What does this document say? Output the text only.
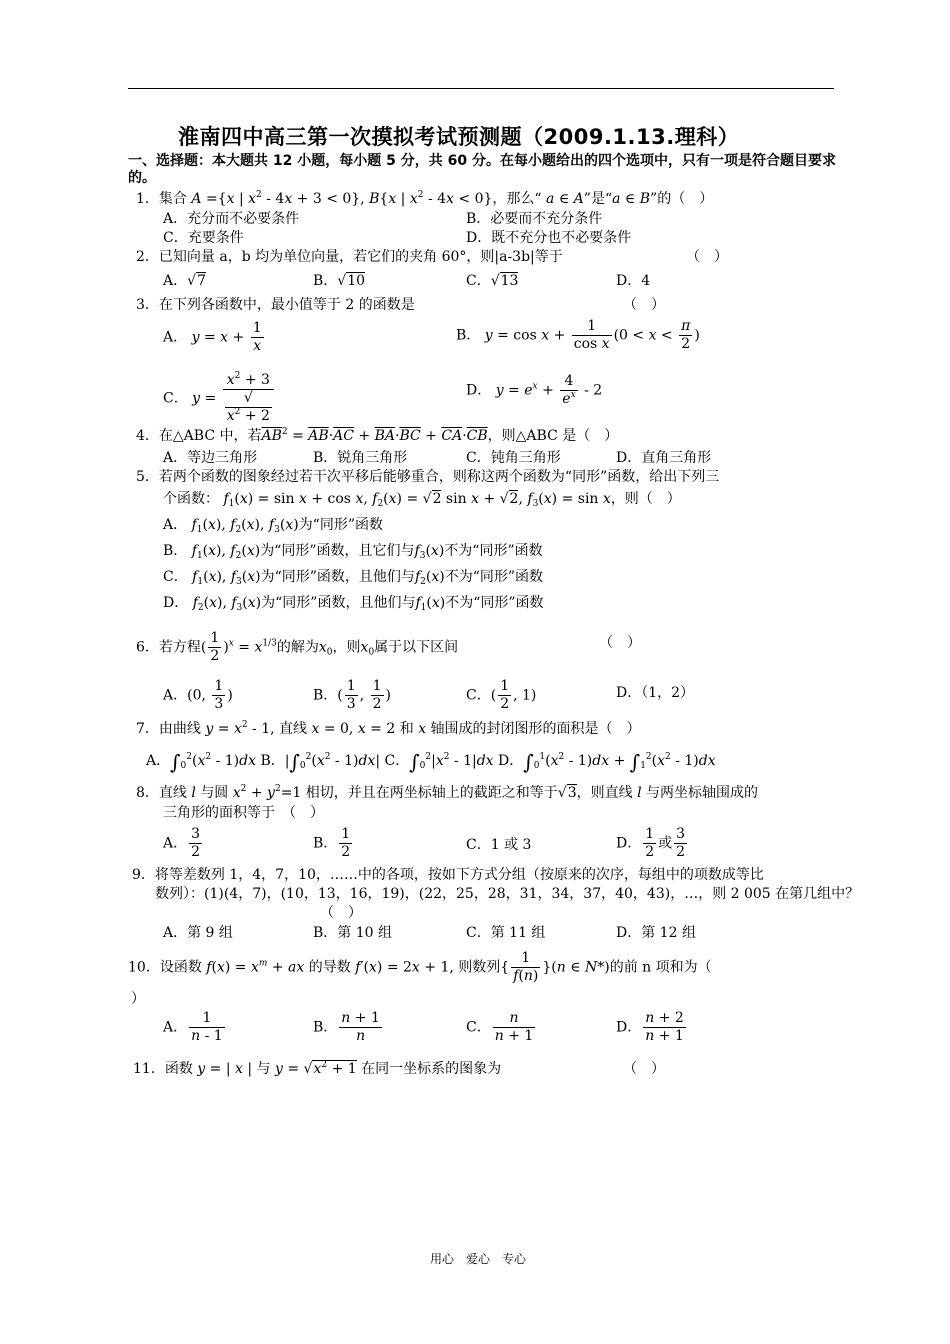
淮南四中高三第一次摸拟考试预测题（2009.1.13.理科）
一、选择题：本大题共 12 小题，每小题 5 分，共 60 分。在每小题给出的四个选项中，只有一项是符合题目要求的。
1．集合 A ={x | $x^2 - 4x + 3 < 0$}, B{x | $x^2 - 4x < 0$}，那么“ a ∈ A”是“a ∈ B”的（　）
A．充分而不必要条件	B．必要而不充分条件
C．充要条件	D．既不充分也不必要条件
2．已知向量 a，b 均为单位向量，若它们的夹角 60°，则|a-3b|等于	（　）
A．√7	B．√10	C．√13	D．4
3．在下列各函数中，最小值等于 2 的函数是	（　）
A． $y = x + \frac{1}{x}$	B． $y = \cos x + \frac{1}{\text{cos x}} (0 < x < \frac{\pi}{2}$ )
C． $y = x^2 + 3$
√
$x^2 + 2$	D． $y = e^x + \frac{4}{e^x} - 2$
4．在△ABC 中，若$\overline{AB}^2 = \overline{AB}\cdot\overline{AC} + \overline{BA}\cdot\overline{BC} + \overline{CA}\cdot\overline{CB}$，则△ABC 是（　）
A．等边三角形	B．锐角三角形	C．钝角三角形	D．直角三角形
5．若两个函数的图象经过若干次平移后能够重合，则称这两个函数为“同形”函数，给出下列三
个函数： $f_1(x) = \sin x + \cos x$, $f_2(x) = √2$ sin x + √2, $f_3(x) = \sin x$，则（　）
A． $f_1(x)$, $f_2(x)$, $f_3(x)$为“同形”函数
B． $f_1(x)$, $f_2(x)$为“同形”函数，且它们与$f_3(x)$不为“同形”函数
C． $f_1(x)$, $f_3(x)$为“同形”函数，且他们与$f_2(x)$不为“同形”函数
D． $f_2(x)$, $f_3(x)$为“同形”函数，且他们与$f_1(x)$不为“同形”函数
6．若方程( $\frac{1}{2} )^x = x^{1/3}$的解为$x_0$，则$x_0$属于以下区间	（　）
A．(0, $\frac{1}{3}$ )	B．( $\frac{1}{3}$ , $\frac{1}{2}$ )	C．( $\frac{1}{2}$ , 1)	D．（1，2）
7．由曲线 $y = x^2 - 1$, 直线 x = 0, x = 2 和 x 轴围成的封闭图形的面积是（　）
A．$\int_0^2(x^2 - 1)dx$ B．$|\int_0^2(x^2 - 1)dx|$ C．$\int_0^2|x^2 - 1|dx$ D．$\int_0^1(x^2 - 1)dx + \int_1^2(x^2 - 1)dx$
8．直线 l 与圆 $x^2 + y^2=1$ 相切，并且在两坐标轴上的截距之和等于√3，则直线 l 与两坐标轴围成的
三角形的面积等于　（　）
A． $\frac{3}{2}$	B． $\frac{1}{2}$	C．1 或 3	D． $\frac{1}{2}$ 或 $\frac{3}{2}$
9．将等差数列 1，4，7，10，……中的各项，按如下方式分组（按原来的次序，每组中的项数成等比
数列）：(1)(4，7)，(10，13，16，19)，(22，25，28，31，34，37，40，43)，…，则 2 005 在第几组中？
（　）
A．第 9 组	B．第 10 组	C．第 11 组	D．第 12 组
10．设函数 $f(x) = x^m$ + ax 的导数 f′(x) = 2x + 1, 则数列{ $\frac{1}{f(n)} \}(n$ ∈ N*)的前 n 项和为（
）
A． $\frac{1}{n - 1}$	B． $\frac{n + 1}{n}$	C． $\frac{n}{n + 1}$	D． $\frac{n + 2}{n + 1}$
11．函数 y = | x | 与 $y = √x^2 + 1$ 在同一坐标系的图象为	（　）
用心　爱心　专心
